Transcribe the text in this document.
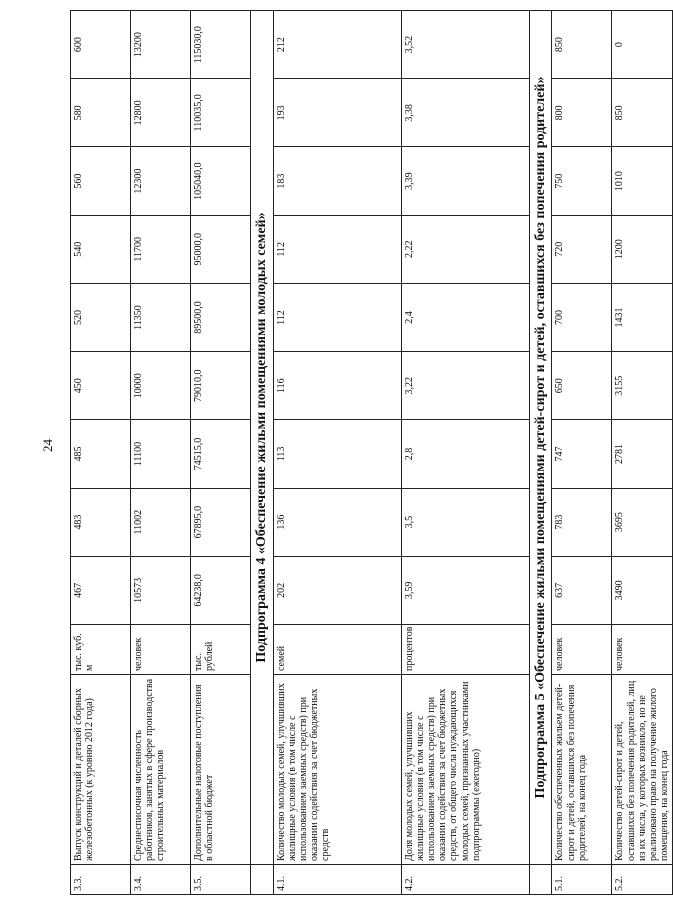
24
3.3.	Выпуск конструкций и деталей сборных железобетонных (к уровню 2012 года)	тыс. куб. м	467	483	485	450	520	540	560	580	600
3.4.	Среднесписочная численность работников, занятых в сфере производства строительных материалов	человек	10573	11002	11100	10000	11350	11700	12300	12800	13200
3.5.	Дополнительные налоговые поступления в областной бюджет	тыс. рублей	64238,0	67895,0	74515,0	79010,0	89500,0	95000,0	105040,0	110035,0	115030,0
	Подпрограмма 4 «Обеспечение жильми помещениями молодых семей»										
4.1.	Количество молодых семей, улучшивших жилищные условия (в том числе с использованием заемных средств) при оказании содействия за счет бюджетных средств	семей	202	136	113	116	112	112	183	193	212
4.2.	Доля молодых семей, улучшивших жилищные условия (в том числе с использованием заемных средств) при оказании содействия за счет бюджетных средств, от общего числа нуждающихся молодых семей, признанных участниками подпрограммы (ежегодно)	процентов	3,59	3,5	2,8	3,22	2,4	2,22	3,39	3,38	3,52
	Подпрограмма 5 «Обеспечение жильми помещениями детей-сирот и детей, оставшихся без попечения родителей»										
5.1.	Количество обеспеченных жильем детей-сирот и детей, оставшихся без попечения родителей, на конец года	человек	637	783	747	650	700	720	750	800	850
5.2.	Количество детей-сирот и детей, оставшихся без попечения родителей, лиц из их числа, у которых возникло, но не реализовано право на получение жилого помещения, на конец года	человек	3490	3695	2781	3155	1431	1200	1010	850	0
